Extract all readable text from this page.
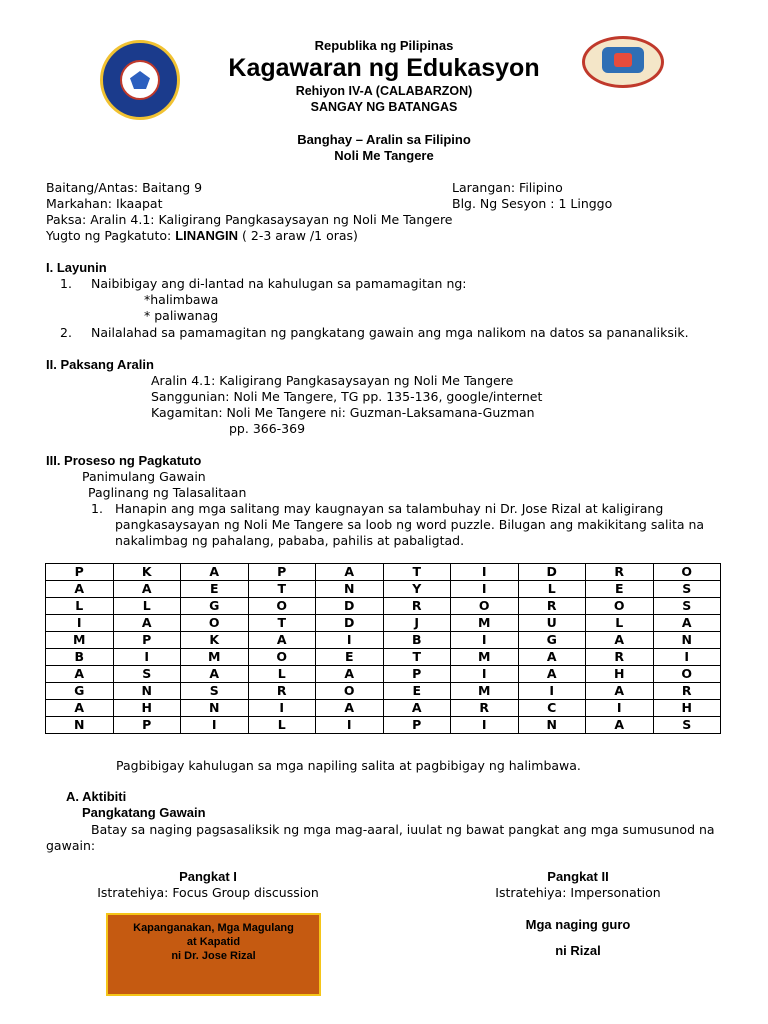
Republika ng Pilipinas
Kagawaran ng Edukasyon
Rehiyon IV-A (CALABARZON)
SANGAY NG BATANGAS
Banghay – Aralin sa Filipino
Noli Me Tangere
Baitang/Antas: Baitang 9	Larangan: Filipino
Markahan: Ikaapat	Blg. Ng Sesyon : 1 Linggo
Paksa: Aralin 4.1: Kaligirang Pangkasaysayan ng Noli Me Tangere
Yugto ng Pagkatuto: LINANGIN ( 2-3 araw /1 oras)
I. Layunin
1. Naibibigay ang di-lantad na kahulugan sa pamamagitan ng:
*halimbawa
* paliwanag
2. Nailalahad sa pamamagitan ng pangkatang gawain ang mga nalikom na datos sa pananaliksik.
II. Paksang Aralin
Aralin 4.1: Kaligirang Pangkasaysayan ng Noli Me Tangere
Sanggunian: Noli Me Tangere, TG pp. 135-136, google/internet
Kagamitan: Noli Me Tangere ni: Guzman-Laksamana-Guzman
pp. 366-369
III. Proseso ng Pagkatuto
Panimulang Gawain
Paglinang ng Talasalitaan
1. Hanapin ang mga salitang may kaugnayan sa talambuhay ni Dr. Jose Rizal at kaligirang
pangkasaysayan ng Noli Me Tangere sa loob ng word puzzle. Bilugan ang makikitang salita na
nakalimbag ng pahalang, pababa, pahilis at pabaligtad.
P	K	A	P	A	T	I	D	R	O
A	A	E	T	N	Y	I	L	E	S
L	L	G	O	D	R	O	R	O	S
I	A	O	T	D	J	M	U	L	A
M	P	K	A	I	B	I	G	A	N
B	I	M	O	E	T	M	A	R	I
A	S	A	L	A	P	I	A	H	O
G	N	S	R	O	E	M	I	A	R
A	H	N	I	A	A	R	C	I	H
N	P	I	L	I	P	I	N	A	S
Pagbibigay kahulugan sa mga napiling salita at pagbibigay ng halimbawa.
A. Aktibiti
Pangkatang Gawain
Batay sa naging pagsasaliksik ng mga mag-aaral, iuulat ng bawat pangkat ang mga sumusunod na
gawain:
Pangkat I
Istratehiya: Focus Group discussion
Kapanganakan, Mga Magulang
at Kapatid
ni Dr. Jose Rizal
Pangkat II
Istratehiya: Impersonation
Mga naging guro
ni Rizal
